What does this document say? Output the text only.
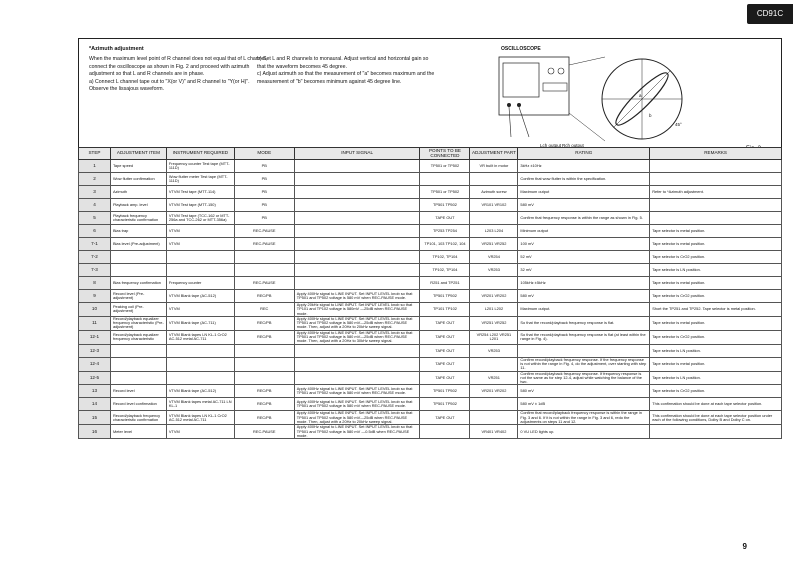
CD91C
*Azimuth adjustment

When the maximum level point of R channel does not equal that of L channel, connect the oscilloscope as shown in Fig. 2 and proceed with azimuth adjustment so that L and R channels are in phase.

a) Connect L channel tape out to "X(or V)" and R channel to "Y(or H)". Observe the lissajous waveform.

b) Set L and R channels to monaural. Adjust vertical and horizontal gain so that the waveform becomes 45 degree.

c) Adjust azimuth so that the measurement of "a" becomes maximum and the measurement of "b" becomes minimum against 45 degree line.

OSCILLOSCOPE
Lch output Rch output
45°
a
b
STEP	ADJUSTMENT ITEM	INSTRUMENT REQUIRED	MODE	INPUT SIGNAL	POINTS TO BE CONNECTED	ADJUSTMENT PART	RATING	REMARKS
1	Tape speed	Frequency counter Test tape (MTT-111D)	PB		TP501 or TP502	VR built in motor	3kHz ±10Hz	
2	Wow flutter confirmation	Wow flutter meter Test tape (MTT-111D)	PB				Confirm that wow flutter is within the specification.	
3	Azimuth	VTVM Test tape (MTT-114)	PB		TP501 or TP502	Azimuth screw	Maximum output	Refer to *Azimuth adjustment.
4	Playback amp. level	VTVM Test tape (MTT-150)	PB		TP501 TP502	VR101 VR102	580 mV	
5	Playback frequency characteristic confirmation	VTVM Test tape (TCC-162 or MTT-256a and TCC-262 or MTT-356a)	PB		TAPE OUT		Confirm that frequency response is within the range as shown in Fig. 5.	
6	Bias trap	VTVM	REC-PAUSE		TP253 TP254	L203 L204	Minimum output	Tape selector is metal position.
7-1	Bias level (Pre-adjustment)	VTVM	REC-PAUSE		TP101, 103 TP102, 104	VR251 VR252	100 mV	Tape selector is metal position.
7-2					TP102, TP104	VR254	52 mV	Tape selector is CrO2 position.
7-3					TP102, TP104	VR253	32 mV	Tape selector is LN position.
8	Bias frequency confirmation	Frequency counter	REC-PAUSE		R251 and TP251		105kHz ±5kHz	Tape selector is metal position.
9	Record level (Pre-adjustment)	VTVM Blank tape (AC-512)	REC/PB	Apply 400Hz signal to LINE INPUT. Set INPUT LEVEL knob so that TP501 and TP502 voltage is 580 mV when REC-PAUSE mode.	TP501 TP502	VR201 VR202	580 mV	Tape selector is CrO2 position.
10	Peaking coil (Pre-adjustment)	VTVM	REC	Apply 20kHz signal to LINE INPUT. Set INPUT LEVEL knob so that TP101 and TP102 voltage is 580mV —25dB when REC-PAUSE mode.	TP101 TP102	L201 L202	Maximum output.	Short the TP251 and TP252. Tape selector is metal position.
11	Record/playback equalizer frequency characteristic (Pre-adjustment)	VTVM Blank tape (AC-711)	REC/PB	Apply 400Hz signal to LINE INPUT. Set INPUT LEVEL knob so that TP501 and TP502 voltage is 580 mV—25dB when REC-PAUSE mode. Then, adjust with a 20Hz to 20kHz sweep signal.	TAPE OUT	VR251 VR252	So that the record/playback frequency response is flat.	Tape selector is metal position.
12-1	Record/playback equalizer frequency characteristic	VTVM Blank tapes LN KL-1 CrO2 AC-512 metal AC-711	REC/PB	Apply 400Hz signal to LINE INPUT. Set INPUT LEVEL knob so that TP501 and TP502 voltage is 580 mV—25dB when REC-PAUSE mode. Then, adjust with a 20Hz to 30kHz sweep signal.	TAPE OUT	VR254 L202 VR251 L201	So that the record/playback frequency response is flat (at least within the range in Fig. 4).	Tape selector is CrO2 position.
12-3					TAPE OUT	VR253		Tape selector is LN position.
12-4					TAPE OUT		Confirm record/playback frequency response. If the frequency response is not within the range in Fig. 4, do the adjustment, over starting with step 11.	Tape selector is metal position.
12-5					TAPE OUT	VR251	Confirm record/playback frequency response. If frequency response is not the same as for step 12-4, adjust while watching the balance of the two.	Tape selector is LN position.
13	Record level	VTVM Blank tape (AC-512)	REC/PB	Apply 400Hz signal to LINE INPUT. Set INPUT LEVEL knob so that TP501 and TP502 voltage is 580 mV when REC-PAUSE mode.	TP501 TP502	VR201 VR202	580 mV	Tape selector is CrO2 position.
14	Record level confirmation	VTVM Blank tapes metal AC-711 LN KL-1	REC/PB	Apply 400Hz signal to LINE INPUT. Set INPUT LEVEL knob so that TP501 and TP502 voltage is 580 mV when REC-PAUSE mode.	TP501 TP502		580 mV ± 1dB	This confirmation should be done at each tape selector position.
15	Record/playback frequency characteristic confirmation	VTVM Blank tapes LN KL-1 CrO2 AC-512 metal AC-711	REC/PB	Apply 400Hz signal to LINE INPUT. Set INPUT LEVEL knob so that TP501 and TP502 voltage is 580 mV—25dB when REC-PAUSE mode. Then, adjust with a 20Hz to 20kHz sweep signal.	TAPE OUT		Confirm that record/playback frequency response is within the range in Fig. 3 and 6. If it is not within the range in Fig. 3 and 6, redo the adjustments on steps 11 and 12.	This confirmation should be done at each tape selector position under each of the following conditions, Dolby B and Dolby C on.
16	Meter level	VTVM	REC-PAUSE	Apply 400Hz signal to LINE INPUT. Set INPUT LEVEL knob so that TP501 and TP502 voltage is 580 mV —0.5dB when REC-PAUSE mode.		VR401 VR402	0 VU LED lights up.	
9
